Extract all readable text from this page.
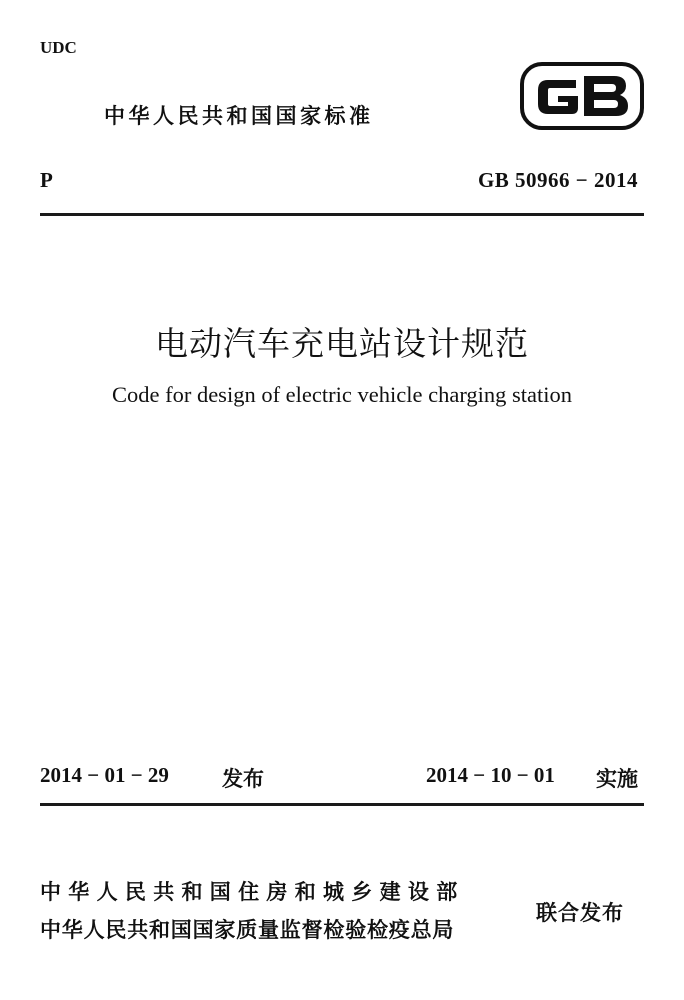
UDC
中华人民共和国国家标准
P	GB 50966 − 2014
电动汽车充电站设计规范
Code for design of electric vehicle charging station
2014 − 01 − 29	发布	2014 − 10 − 01 实施
中华人民共和国住房和城乡建设部
中华人民共和国国家质量监督检验检疫总局
联合发布
